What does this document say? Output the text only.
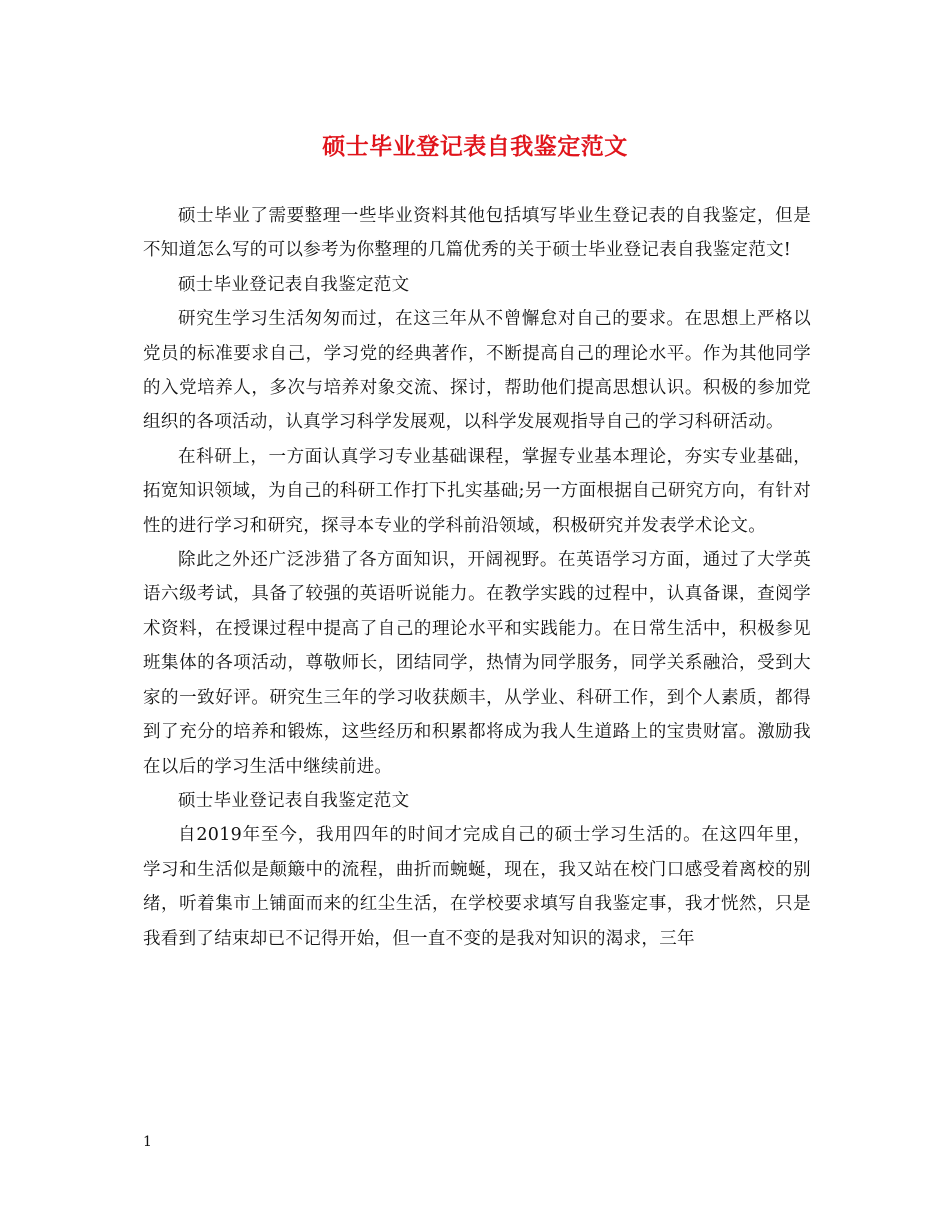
硕士毕业登记表自我鉴定范文

硕士毕业了需要整理一些毕业资料其他包括填写毕业生登记表的自我鉴定，但是不知道怎么写的可以参考为你整理的几篇优秀的关于硕士毕业登记表自我鉴定范文!

硕士毕业登记表自我鉴定范文

研究生学习生活匆匆而过，在这三年从不曾懈怠对自己的要求。在思想上严格以党员的标准要求自己，学习党的经典著作，不断提高自己的理论水平。作为其他同学的入党培养人，多次与培养对象交流、探讨，帮助他们提高思想认识。积极的参加党组织的各项活动，认真学习科学发展观，以科学发展观指导自己的学习科研活动。

在科研上，一方面认真学习专业基础课程，掌握专业基本理论，夯实专业基础，拓宽知识领域，为自己的科研工作打下扎实基础;另一方面根据自己研究方向，有针对性的进行学习和研究，探寻本专业的学科前沿领域，积极研究并发表学术论文。

除此之外还广泛涉猎了各方面知识，开阔视野。在英语学习方面，通过了大学英语六级考试，具备了较强的英语听说能力。在教学实践的过程中，认真备课，查阅学术资料，在授课过程中提高了自己的理论水平和实践能力。在日常生活中，积极参见班集体的各项活动，尊敬师长，团结同学，热情为同学服务，同学关系融洽，受到大家的一致好评。研究生三年的学习收获颇丰，从学业、科研工作，到个人素质，都得到了充分的培养和锻炼，这些经历和积累都将成为我人生道路上的宝贵财富。激励我在以后的学习生活中继续前进。

硕士毕业登记表自我鉴定范文

自2019年至今，我用四年的时间才完成自己的硕士学习生活的。在这四年里，学习和生活似是颠簸中的流程，曲折而蜿蜒，现在，我又站在校门口感受着离校的别绪，听着集市上铺面而来的红尘生活，在学校要求填写自我鉴定事，我才恍然，只是我看到了结束却已不记得开始，但一直不变的是我对知识的渴求，三年

1
